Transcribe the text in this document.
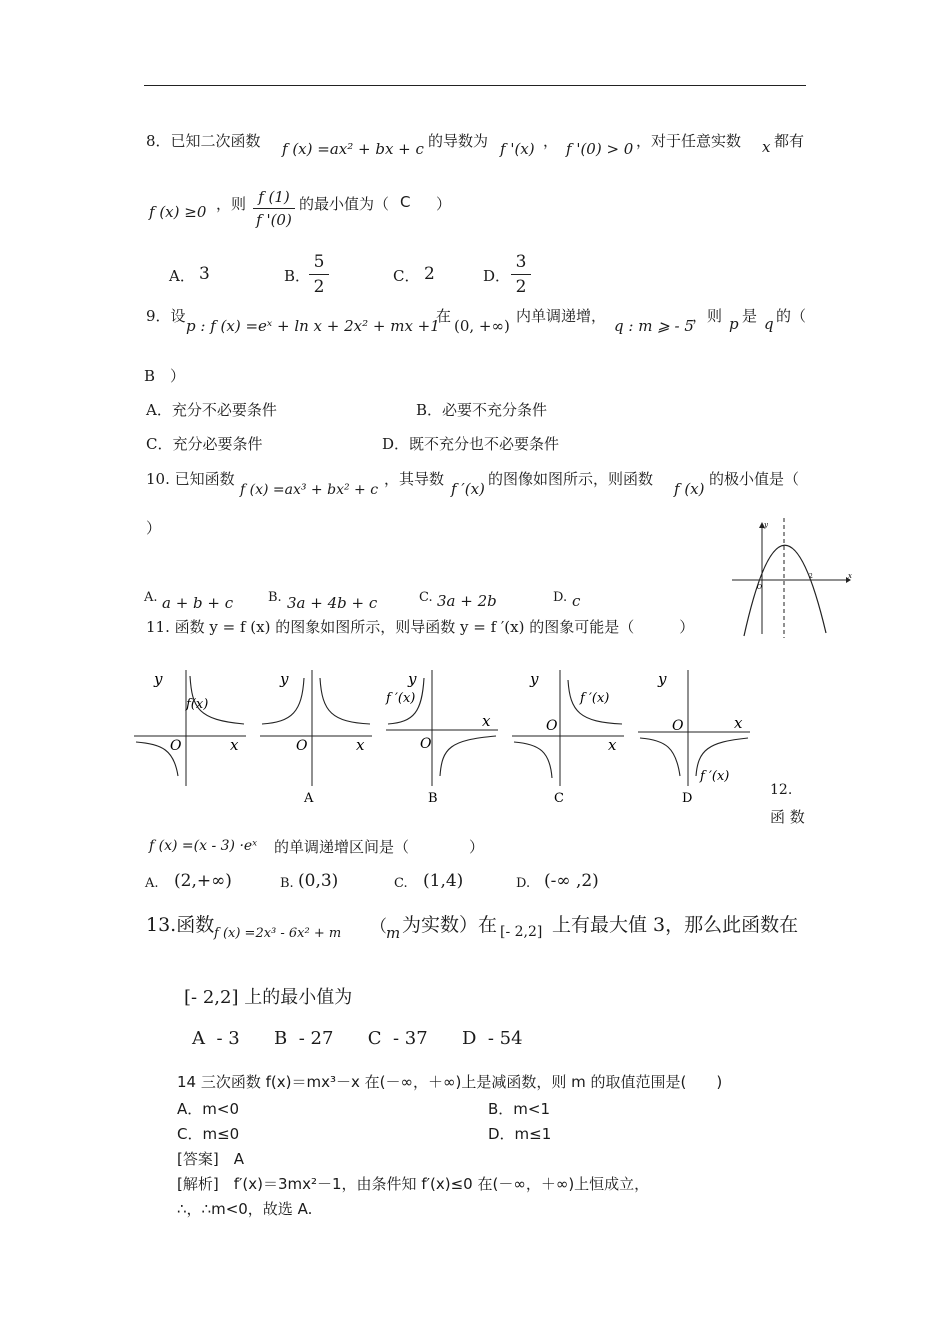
8．已知二次函数 f (x) =ax² + bx + c 的导数为 f '(x) ， f '(0) > 0 ，对于任意实数 x 都有
f (x) ≥0 ，则 f (1)
f '(0)
的最小值为（ C ）
A． 3	B．
5
2
C． 2	D．
3
2
9．设
p : f (x) =eˣ + ln x + 2x² + mx +1
在
(0, +∞)
内单调递增，
q : m ⩾ - 5
，则 p 是 q 的（
B　）
A．充分不必要条件	B．必要不充分条件
C．充分必要条件	D．既不充分也不必要条件
10. 已知函数
f (x) =ax³ + bx² + c
，其导数
f ′(x)
的图像如图所示，则函数
f (x)
的极小值是（
）
A. a + b + c	B. 3a + 4b + c	C. 3a + 2b	D. c
y
x
O
2
11. 函数 y = f (x) 的图象如图所示，则导函数 y = f ′(x) 的图象可能是（　　　）
y
x
O
f(x)
y
x
O
A
y
x
O
f ′(x)
B
y
x
O
f ′(x)
C
y
x
O
f ′(x)
D
12.
函 数
f (x) =(x - 3) ·eˣ 的单调递增区间是（　　　　）
A. (2,+∞)	B. (0,3)	C. (1,4)	D. (-∞ ,2)
13.函数 f (x) =2x³ - 6x² + m （ m 为实数）在 [- 2,2] 上有最大值 3，那么此函数在
[- 2,2] 上的最小值为
A  - 3      B  - 27      C  - 37      D  - 54
14 三次函数 f(x)＝mx³－x 在(－∞，＋∞)上是减函数，则 m 的取值范围是(　　)
A．m<0	B．m<1
C．m≤0	D．m≤1
[答案]　A
[解析]　f′(x)＝3mx²－1，由条件知 f′(x)≤0 在(－∞，＋∞)上恒成立，
∴，∴m<0，故选 A.
